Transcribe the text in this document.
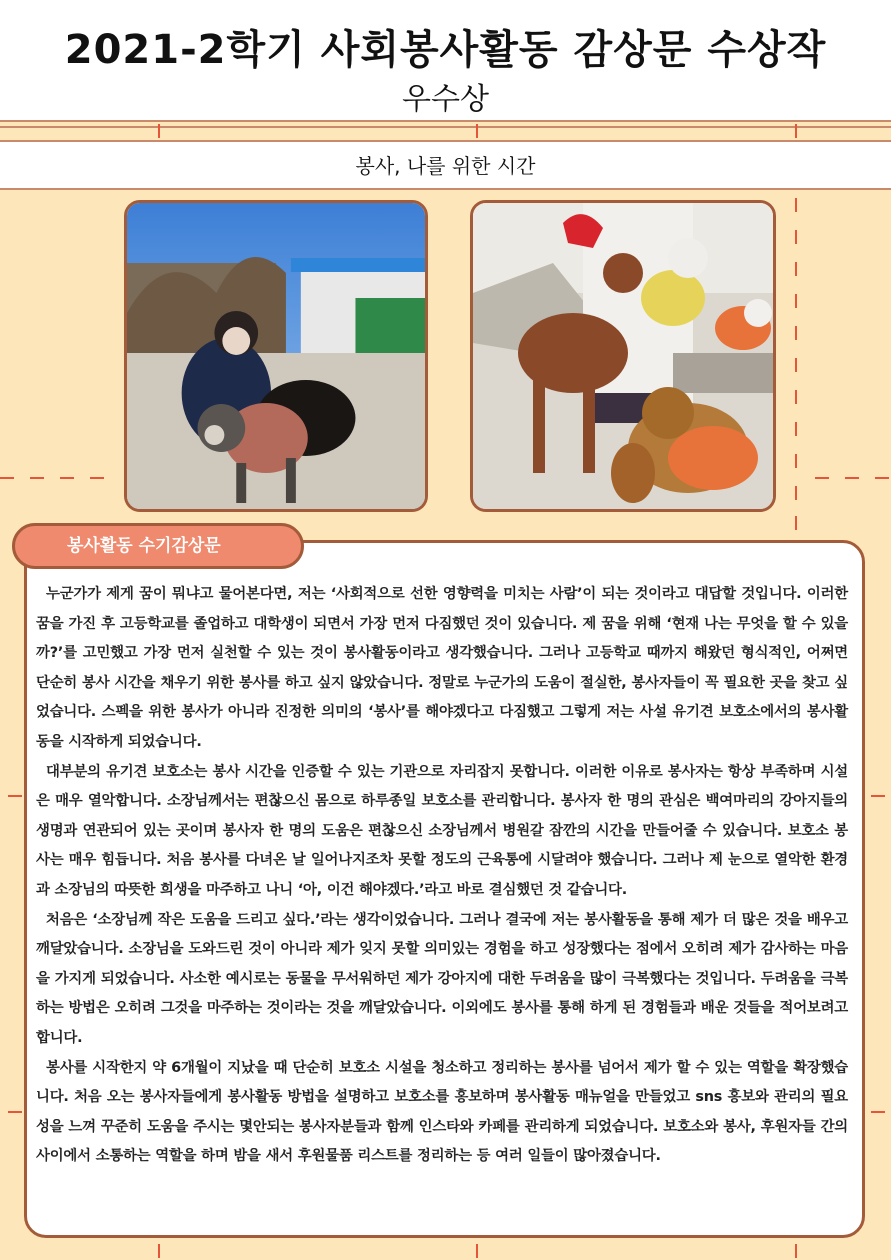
2021-2학기 사회봉사활동 감상문 수상작
우수상
봉사, 나를 위한 시간
봉사활동 수기감상문

누군가가 제게 꿈이 뭐냐고 물어본다면, 저는 ‘사회적으로 선한 영향력을 미치는 사람’이 되는 것이라고 대답할 것입니다. 이러한 꿈을 가진 후 고등학교를 졸업하고 대학생이 되면서 가장 먼저 다짐했던 것이 있습니다. 제 꿈을 위해 ‘현재 나는 무엇을 할 수 있을까?’를 고민했고 가장 먼저 실천할 수 있는 것이 봉사활동이라고 생각했습니다. 그러나 고등학교 때까지 해왔던 형식적인, 어쩌면 단순히 봉사 시간을 채우기 위한 봉사를 하고 싶지 않았습니다. 정말로 누군가의 도움이 절실한, 봉사자들이 꼭 필요한 곳을 찾고 싶었습니다. 스펙을 위한 봉사가 아니라 진정한 의미의 ‘봉사’를 해야겠다고 다짐했고 그렇게 저는 사설 유기견 보호소에서의 봉사활동을 시작하게 되었습니다.

대부분의 유기견 보호소는 봉사 시간을 인증할 수 있는 기관으로 자리잡지 못합니다. 이러한 이유로 봉사자는 항상 부족하며 시설은 매우 열악합니다. 소장님께서는 편찮으신 몸으로 하루종일 보호소를 관리합니다. 봉사자 한 명의 관심은 백여마리의 강아지들의 생명과 연관되어 있는 곳이며 봉사자 한 명의 도움은 편찮으신 소장님께서 병원갈 잠깐의 시간을 만들어줄 수 있습니다. 보호소 봉사는 매우 힘듭니다. 처음 봉사를 다녀온 날 일어나지조차 못할 정도의 근육통에 시달려야 했습니다. 그러나 제 눈으로 열악한 환경과 소장님의 따뜻한 희생을 마주하고 나니 ‘아, 이건 해야겠다.’라고 바로 결심했던 것 같습니다.

처음은 ‘소장님께 작은 도움을 드리고 싶다.’라는 생각이었습니다. 그러나 결국에 저는 봉사활동을 통해 제가 더 많은 것을 배우고 깨달았습니다. 소장님을 도와드린 것이 아니라 제가 잊지 못할 의미있는 경험을 하고 성장했다는 점에서 오히려 제가 감사하는 마음을 가지게 되었습니다. 사소한 예시로는 동물을 무서워하던 제가 강아지에 대한 두려움을 많이 극복했다는 것입니다. 두려움을 극복하는 방법은 오히려 그것을 마주하는 것이라는 것을 깨달았습니다. 이외에도 봉사를 통해 하게 된 경험들과 배운 것들을 적어보려고 합니다.

봉사를 시작한지 약 6개월이 지났을 때 단순히 보호소 시설을 청소하고 정리하는 봉사를 넘어서 제가 할 수 있는 역할을 확장했습니다. 처음 오는 봉사자들에게 봉사활동 방법을 설명하고 보호소를 홍보하며 봉사활동 매뉴얼을 만들었고 sns 홍보와 관리의 필요성을 느껴 꾸준히 도움을 주시는 몇안되는 봉사자분들과 함께 인스타와 카페를 관리하게 되었습니다. 보호소와 봉사, 후원자들 간의 사이에서 소통하는 역할을 하며 밤을 새서 후원물품 리스트를 정리하는 등 여러 일들이 많아졌습니다.
